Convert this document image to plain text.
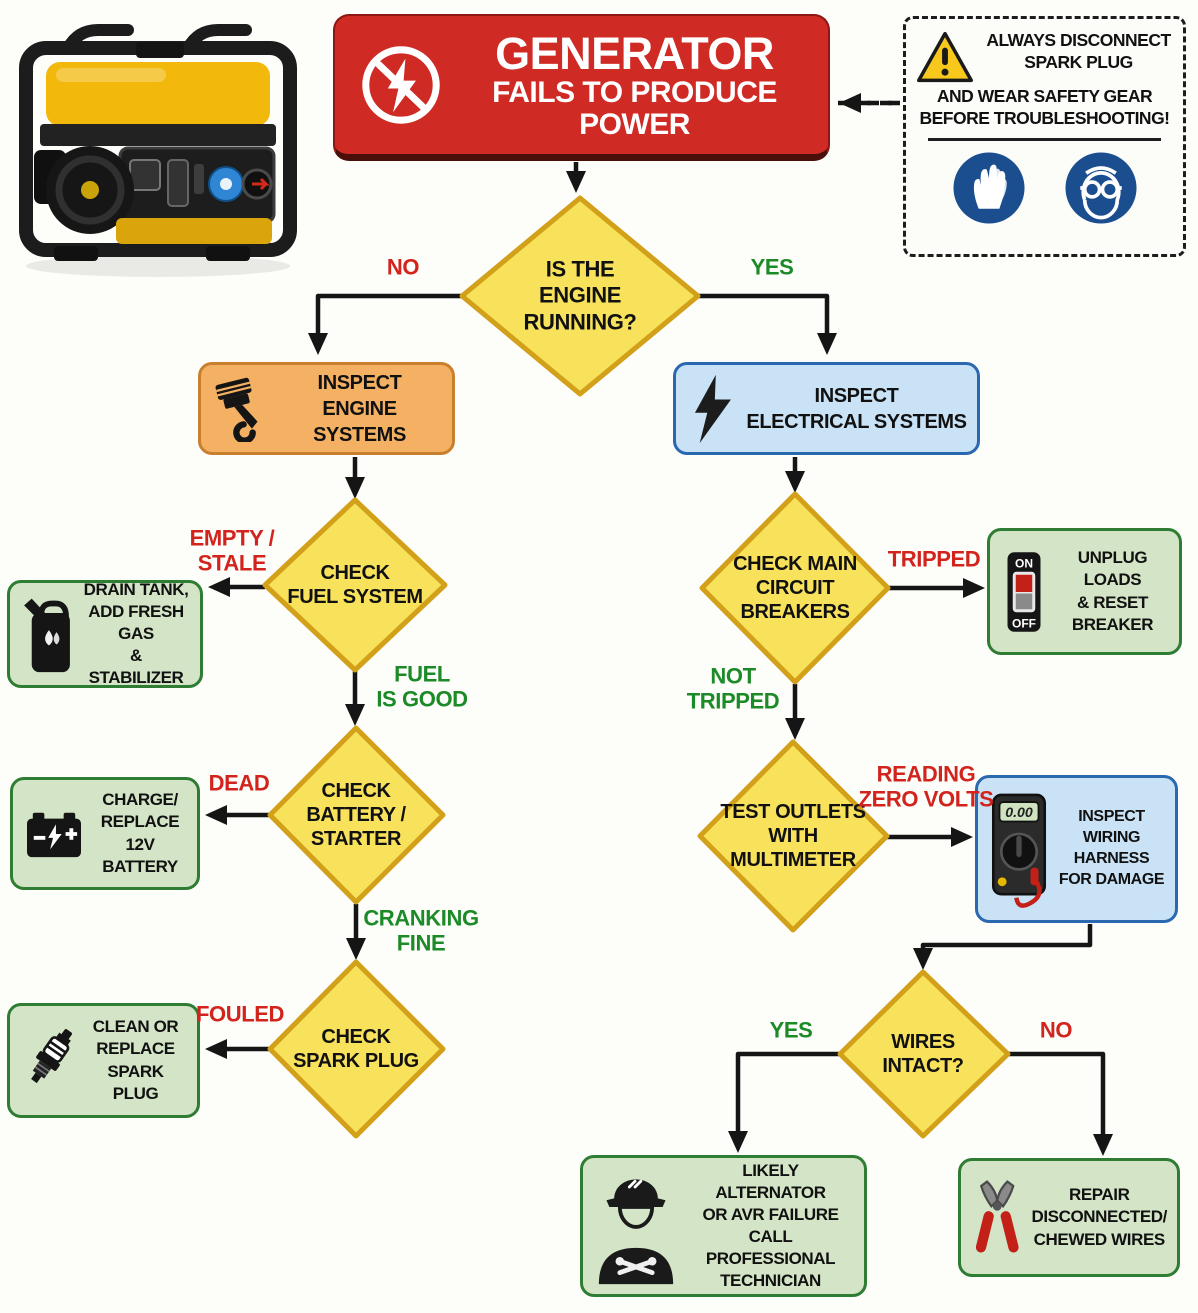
GENERATOR
FAILS TO PRODUCE POWER
ALWAYS DISCONNECT
SPARK PLUG
AND WEAR SAFETY GEAR
BEFORE TROUBLESHOOTING!
IS THE
ENGINE
RUNNING?
CHECK
FUEL SYSTEM
CHECK
BATTERY /
STARTER
CHECK
SPARK PLUG
CHECK MAIN
CIRCUIT
BREAKERS
TEST OUTLETS
WITH
MULTIMETER
WIRES
INTACT?
INSPECT
ENGINE SYSTEMS
INSPECT
ELECTRICAL SYSTEMS
DRAIN TANK,
ADD FRESH GAS
& STABILIZER
CHARGE/
REPLACE
12V BATTERY
CLEAN OR
REPLACE
SPARK PLUG
ON
OFF
UNPLUG LOADS
& RESET
BREAKER
0.00	INSPECT
WIRING HARNESS
FOR DAMAGE
LIKELY ALTERNATOR
OR AVR FAILURE
CALL PROFESSIONAL
TECHNICIAN
REPAIR
DISCONNECTED/
CHEWED WIRES
NO	YES
EMPTY /
STALE
FUEL
IS GOOD
DEAD
CRANKING
FINE
FOULED
TRIPPED
NOT
TRIPPED
READING
ZERO VOLTS
YES	NO
